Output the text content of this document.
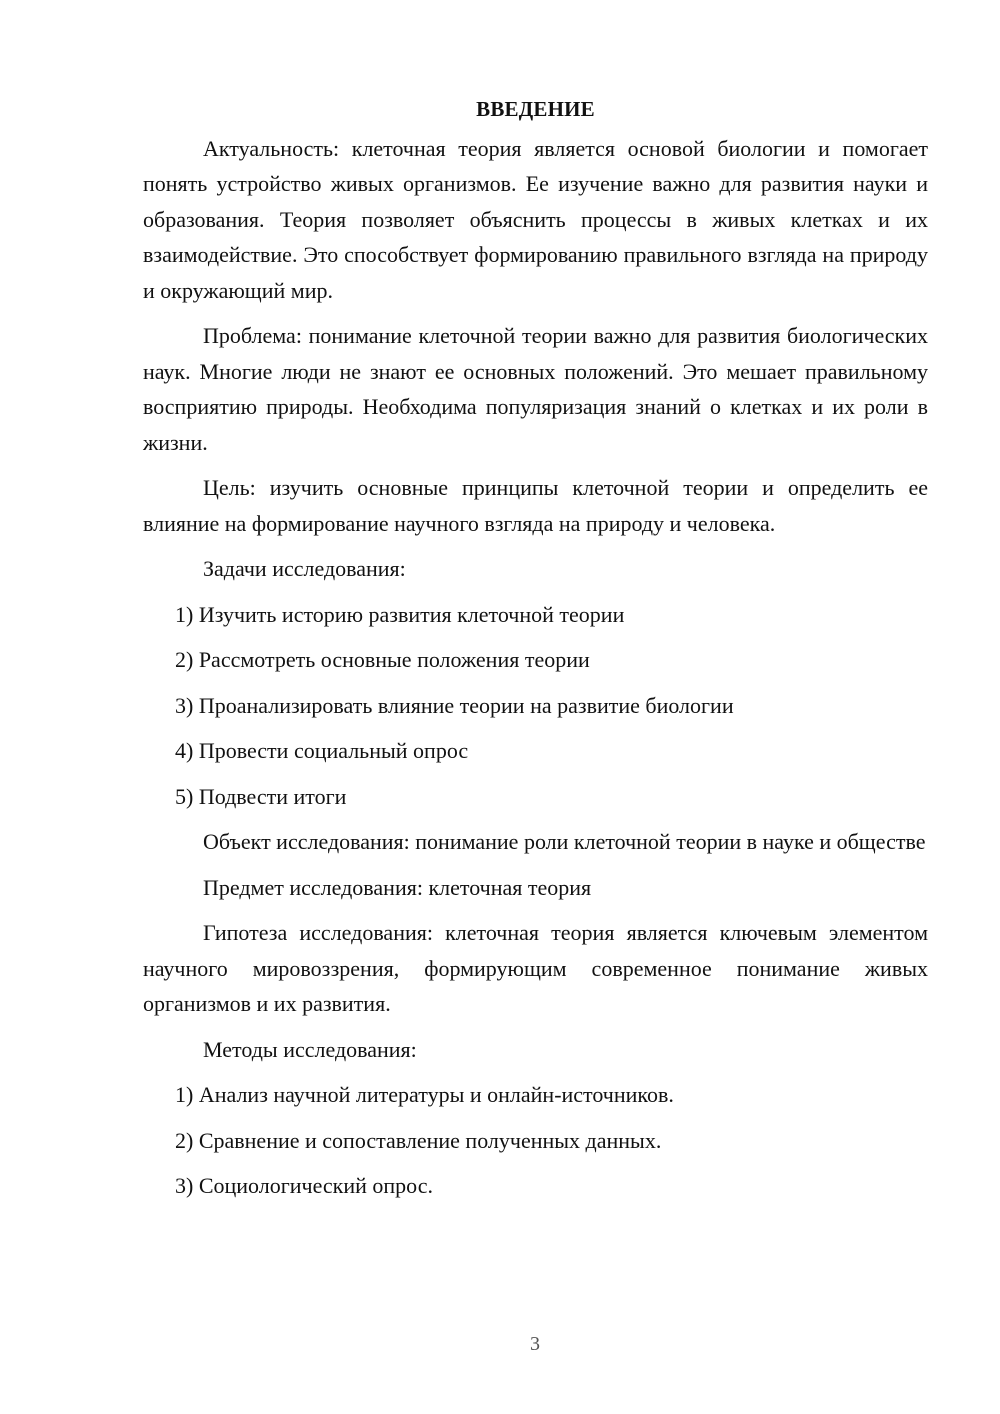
ВВЕДЕНИЕ

Актуальность: клеточная теория является основой биологии и помогает понять устройство живых организмов. Ее изучение важно для развития науки и образования. Теория позволяет объяснить процессы в живых клетках и их взаимодействие. Это способствует формированию правильного взгляда на природу и окружающий мир.

Проблема: понимание клеточной теории важно для развития биологических наук. Многие люди не знают ее основных положений. Это мешает правильному восприятию природы. Необходима популяризация знаний о клетках и их роли в жизни.

Цель: изучить основные принципы клеточной теории и определить ее влияние на формирование научного взгляда на природу и человека.

Задачи исследования:

1) Изучить историю развития клеточной теории
2) Рассмотреть основные положения теории
3) Проанализировать влияние теории на развитие биологии
4) Провести социальный опрос
5) Подвести итоги

Объект исследования: понимание роли клеточной теории в науке и обществе

Предмет исследования: клеточная теория

Гипотеза исследования: клеточная теория является ключевым элементом научного мировоззрения, формирующим современное понимание живых организмов и их развития.

Методы исследования:

1) Анализ научной литературы и онлайн-источников.
2) Сравнение и сопоставление полученных данных.
3) Социологический опрос.
3
